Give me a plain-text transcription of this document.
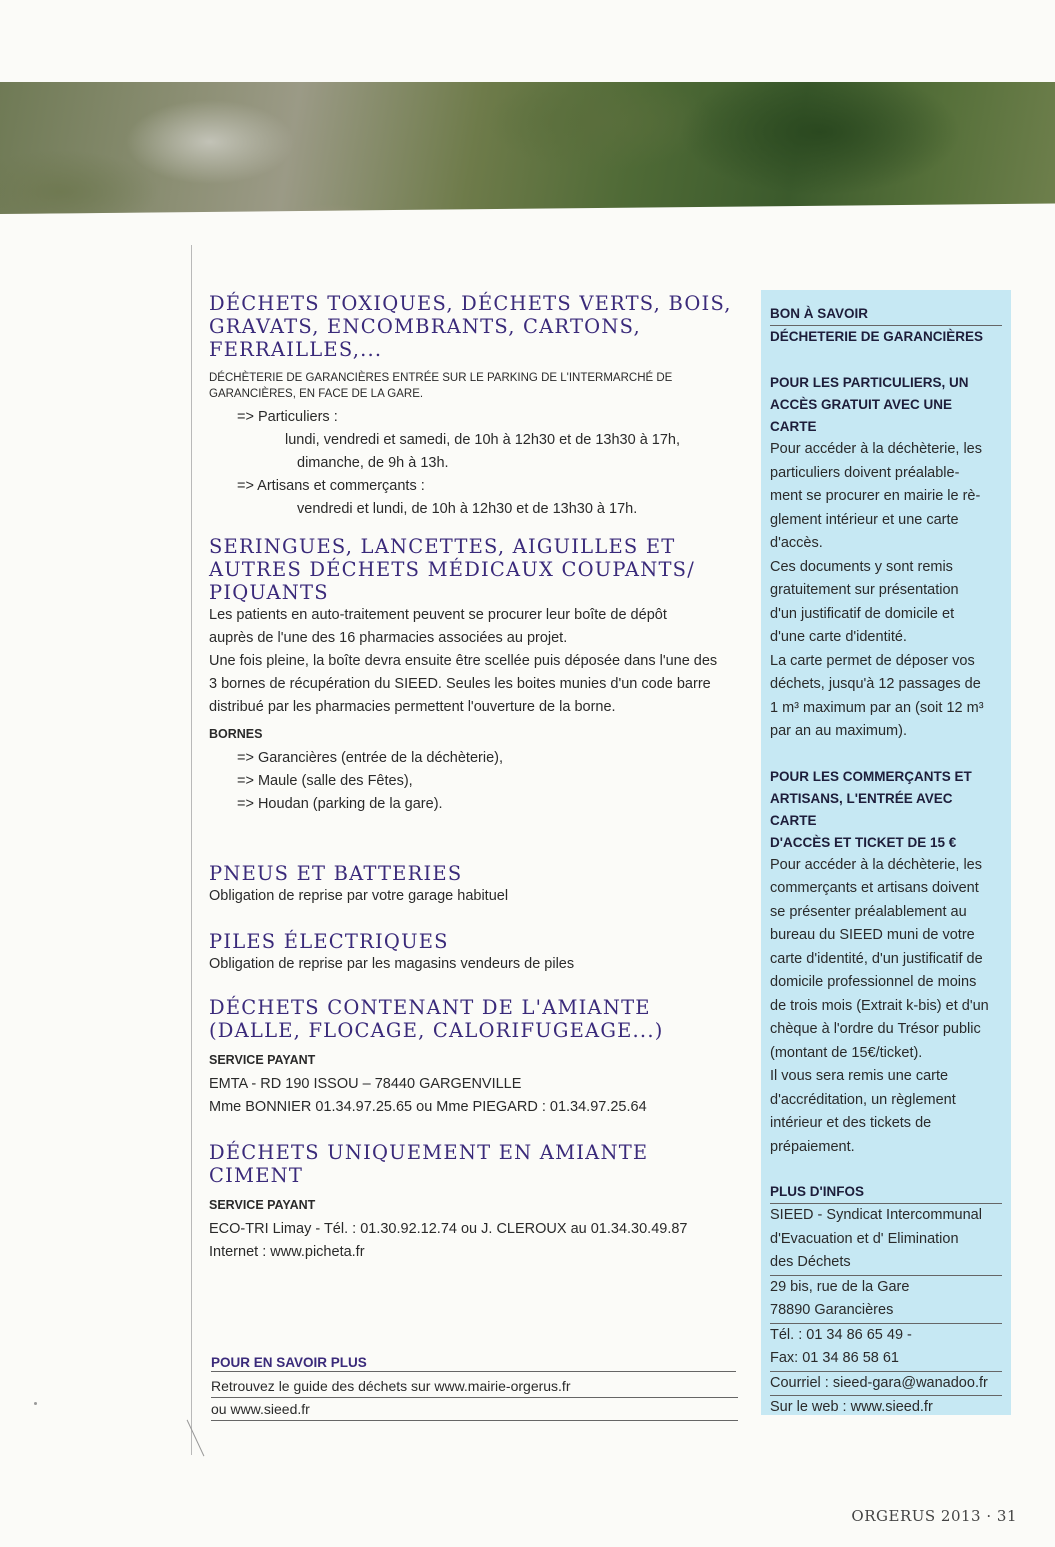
DÉCHETS TOXIQUES, DÉCHETS VERTS, BOIS,
GRAVATS, ENCOMBRANTS, CARTONS,
FERRAILLES,...
DÉCHÈTERIE DE GARANCIÈRES ENTRÉE SUR LE PARKING DE L'INTERMARCHÉ DE
GARANCIÈRES, EN FACE DE LA GARE.
=> Particuliers :
lundi, vendredi et samedi, de 10h à 12h30 et de 13h30 à 17h,
dimanche, de 9h à 13h.
=> Artisans et commerçants :
vendredi et lundi, de 10h à 12h30 et de 13h30 à 17h.
SERINGUES, LANCETTES, AIGUILLES ET
AUTRES DÉCHETS MÉDICAUX COUPANTS/
PIQUANTS
Les patients en auto-traitement peuvent se procurer leur boîte de dépôt
auprès de l'une des 16 pharmacies associées au projet.
Une fois pleine, la boîte devra ensuite être scellée puis déposée dans l'une des
3 bornes de récupération du SIEED. Seules les boites munies d'un code barre
distribué par les pharmacies permettent l'ouverture de la borne.
BORNES
=> Garancières (entrée de la déchèterie),
=> Maule (salle des Fêtes),
=> Houdan (parking de la gare).
PNEUS ET BATTERIES
Obligation de reprise par votre garage habituel
PILES ÉLECTRIQUES
Obligation de reprise par les magasins vendeurs de piles
DÉCHETS CONTENANT DE L'AMIANTE
(DALLE, FLOCAGE, CALORIFUGEAGE...)
SERVICE PAYANT
EMTA - RD 190 ISSOU – 78440 GARGENVILLE
Mme BONNIER 01.34.97.25.65 ou Mme PIEGARD : 01.34.97.25.64
DÉCHETS UNIQUEMENT EN AMIANTE
CIMENT
SERVICE PAYANT
ECO-TRI Limay - Tél. : 01.30.92.12.74 ou J. CLEROUX au 01.34.30.49.87
Internet : www.picheta.fr
POUR EN SAVOIR PLUS
Retrouvez le guide des déchets sur www.mairie-orgerus.fr
ou www.sieed.fr
BON À SAVOIR
DÉCHETERIE DE GARANCIÈRES
POUR LES PARTICULIERS, UN
ACCÈS GRATUIT AVEC UNE CARTE
Pour accéder à la déchèterie, les
particuliers doivent préalable-
ment se procurer en mairie le rè-
glement intérieur et une carte
d'accès.
Ces documents y sont remis
gratuitement sur présentation
d'un justificatif de domicile et
d'une carte d'identité.
La carte permet de déposer vos
déchets, jusqu'à 12 passages de
1 m³ maximum par an (soit 12 m³
par an au maximum).
POUR LES COMMERÇANTS ET
ARTISANS, L'ENTRÉE AVEC CARTE
D'ACCÈS ET TICKET DE 15 €
Pour accéder à la déchèterie, les
commerçants et artisans doivent
se présenter préalablement au
bureau du SIEED muni de votre
carte d'identité, d'un justificatif de
domicile professionnel de moins
de trois mois (Extrait k-bis) et d'un
chèque à l'ordre du Trésor public
(montant de 15€/ticket).
Il vous sera remis une carte
d'accréditation, un règlement
intérieur et des tickets de
prépaiement.
PLUS D'INFOS
SIEED - Syndicat Intercommunal
d'Evacuation et d' Elimination
des Déchets
29 bis, rue de la Gare
78890 Garancières
Tél. : 01 34 86 65 49 -
Fax: 01 34 86 58 61
Courriel : sieed-gara@wanadoo.fr
Sur le web : www.sieed.fr
ORGERUS 2013 · 31
